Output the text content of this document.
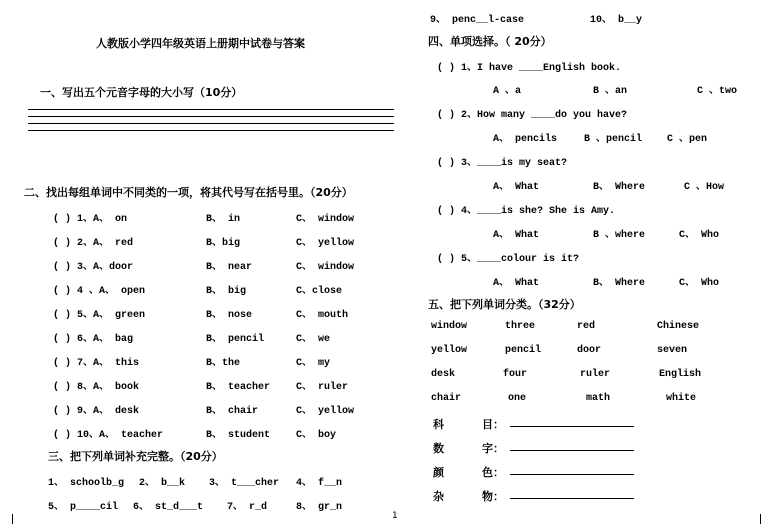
人教版小学四年级英语上册期中试卷与答案
一、写出五个元音字母的大小写（10分）
二、找出每组单词中不同类的一项，将其代号写在括号里。（20分）
( ) 1、A、 on	B、 in	C、 window
( ) 2、A、 red	B、big	C、 yellow
( ) 3、A、door	B、 near	C、 window
( ) 4 、A、 open	B、 big	C、close
( ) 5、A、 green	B、 nose	C、 mouth
( ) 6、A、 bag	B、 pencil	C、 we
( ) 7、A、 this	B、the	C、 my
( ) 8、A、 book	B、 teacher	C、 ruler
( ) 9、A、 desk	B、 chair	C、 yellow
( ) 10、A、 teacher	B、 student	C、 boy
三、把下列单词补充完整。（20分）
1、 schoolb_g 2、 b__k 3、 t___cher 4、 f__n
5、 p____cil 6、 st_d___t 7、 r_d	8、 gr_n
9、 penc__l-case	10、 b__y
四、单项选择。（ 20分）
( ) 1、I have ____English book.
A 、a	B 、an	C 、two
( ) 2、How many ____do you have?
A、 pencils	B 、pencil C 、pen
( ) 3、____is my seat?
A、 What	B、 Where	C 、How
( ) 4、____is she? She is Amy.
A、 What	B 、where	C、 Who
( ) 5、____colour is it?
A、 What	B、 Where	C、 Who
五、把下列单词分类。（32分）
window	three	red	Chinese
yellow	pencil	door	seven
desk	four	ruler	English
chair	one	math	white
科	目：
数	字：
颜	色：
杂	物：
1
